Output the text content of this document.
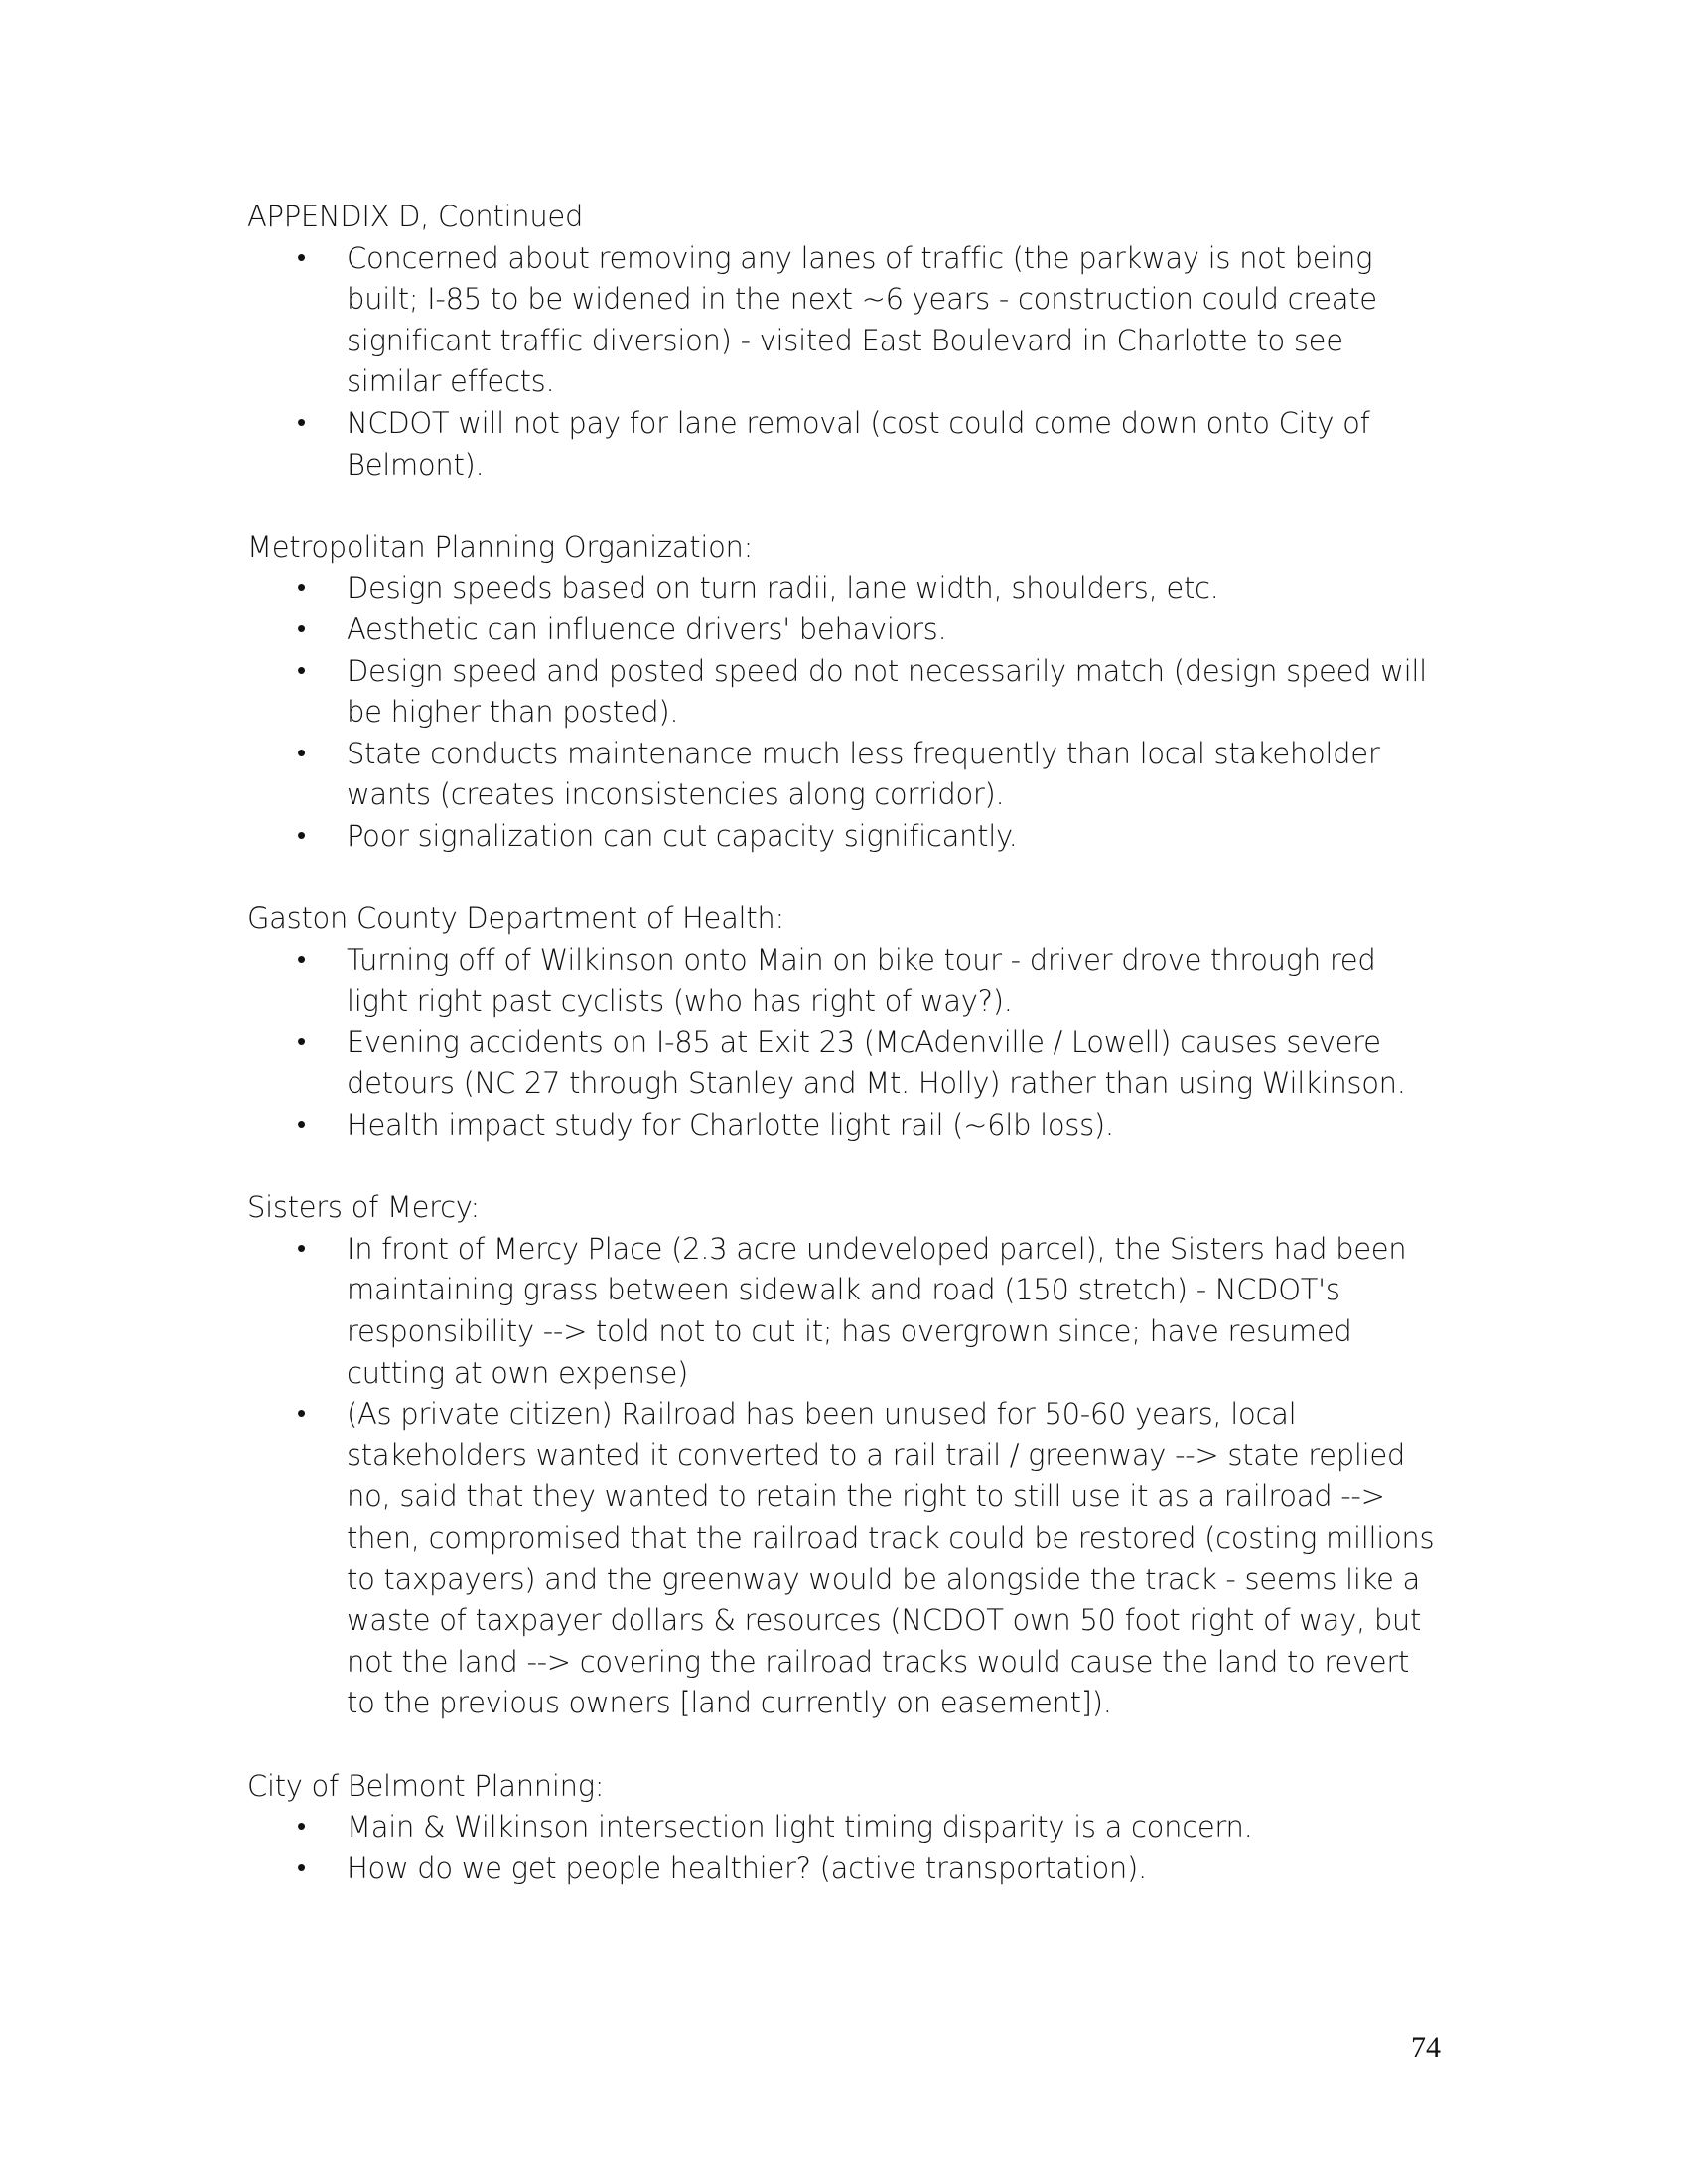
APPENDIX D, Continued

• Concerned about removing any lanes of traffic (the parkway is not being built; I-85 to be widened in the next ~6 years - construction could create significant traffic diversion) - visited East Boulevard in Charlotte to see similar effects.
• NCDOT will not pay for lane removal (cost could come down onto City of Belmont).

Metropolitan Planning Organization:

• Design speeds based on turn radii, lane width, shoulders, etc.
• Aesthetic can influence drivers' behaviors.
• Design speed and posted speed do not necessarily match (design speed will be higher than posted).
• State conducts maintenance much less frequently than local stakeholder wants (creates inconsistencies along corridor).
• Poor signalization can cut capacity significantly.

Gaston County Department of Health:

• Turning off of Wilkinson onto Main on bike tour - driver drove through red light right past cyclists (who has right of way?).
• Evening accidents on I-85 at Exit 23 (McAdenville / Lowell) causes severe detours (NC 27 through Stanley and Mt. Holly) rather than using Wilkinson.
• Health impact study for Charlotte light rail (~6lb loss).

Sisters of Mercy:

• In front of Mercy Place (2.3 acre undeveloped parcel), the Sisters had been maintaining grass between sidewalk and road (150 stretch) - NCDOT's responsibility --> told not to cut it; has overgrown since; have resumed cutting at own expense)
• (As private citizen) Railroad has been unused for 50-60 years, local stakeholders wanted it converted to a rail trail / greenway --> state replied no, said that they wanted to retain the right to still use it as a railroad --> then, compromised that the railroad track could be restored (costing millions to taxpayers) and the greenway would be alongside the track - seems like a waste of taxpayer dollars & resources (NCDOT own 50 foot right of way, but not the land --> covering the railroad tracks would cause the land to revert to the previous owners [land currently on easement]).

City of Belmont Planning:

• Main & Wilkinson intersection light timing disparity is a concern.
• How do we get people healthier? (active transportation).
74
